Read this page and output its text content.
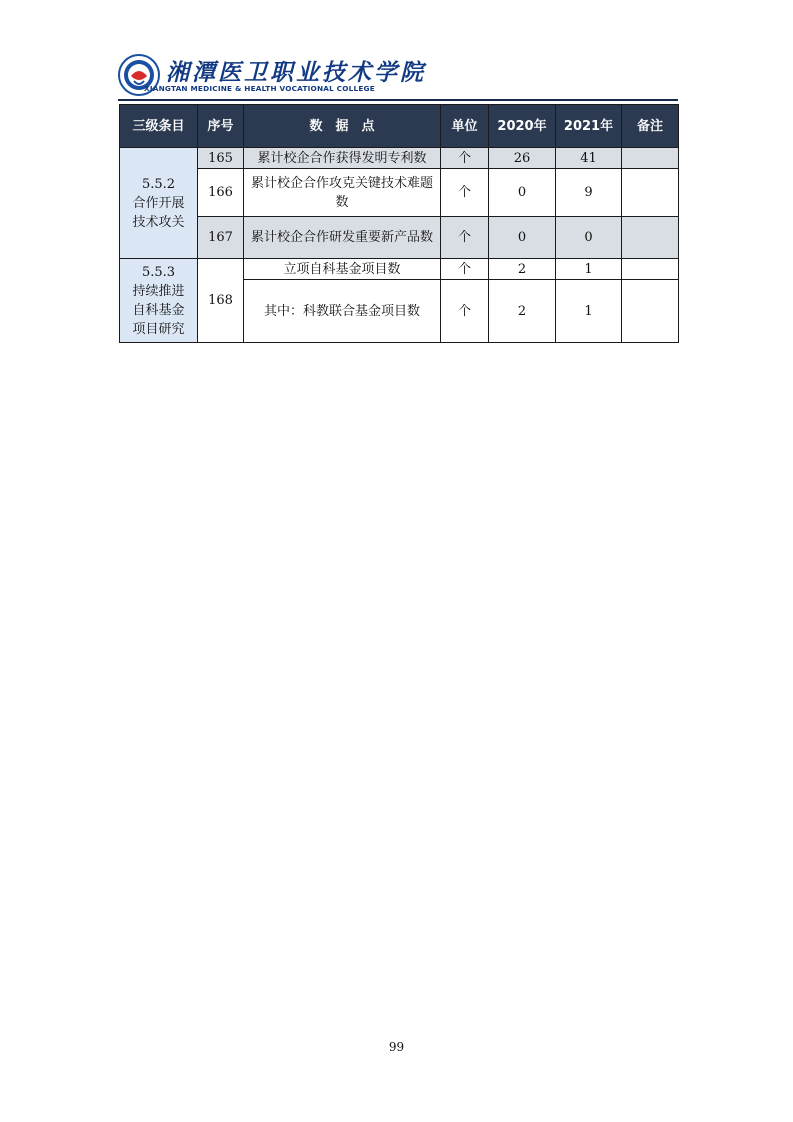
湘潭医卫职业技术学院
XIANGTAN MEDICINE & HEALTH VOCATIONAL COLLEGE
三级条目	序号	数　据　点	单位	2020年	2021年	备注
5.5.2
合作开展
技术攻关	165	累计校企合作获得发明专利数	个	26	41	
	166	累计校企合作攻克关键技术难题数	个	0	9	
	167	累计校企合作研发重要新产品数	个	0	0	
5.5.3
持续推进
自科基金
项目研究	168	立项自科基金项目数	个	2	1	
		其中：科教联合基金项目数	个	2	1	
99
